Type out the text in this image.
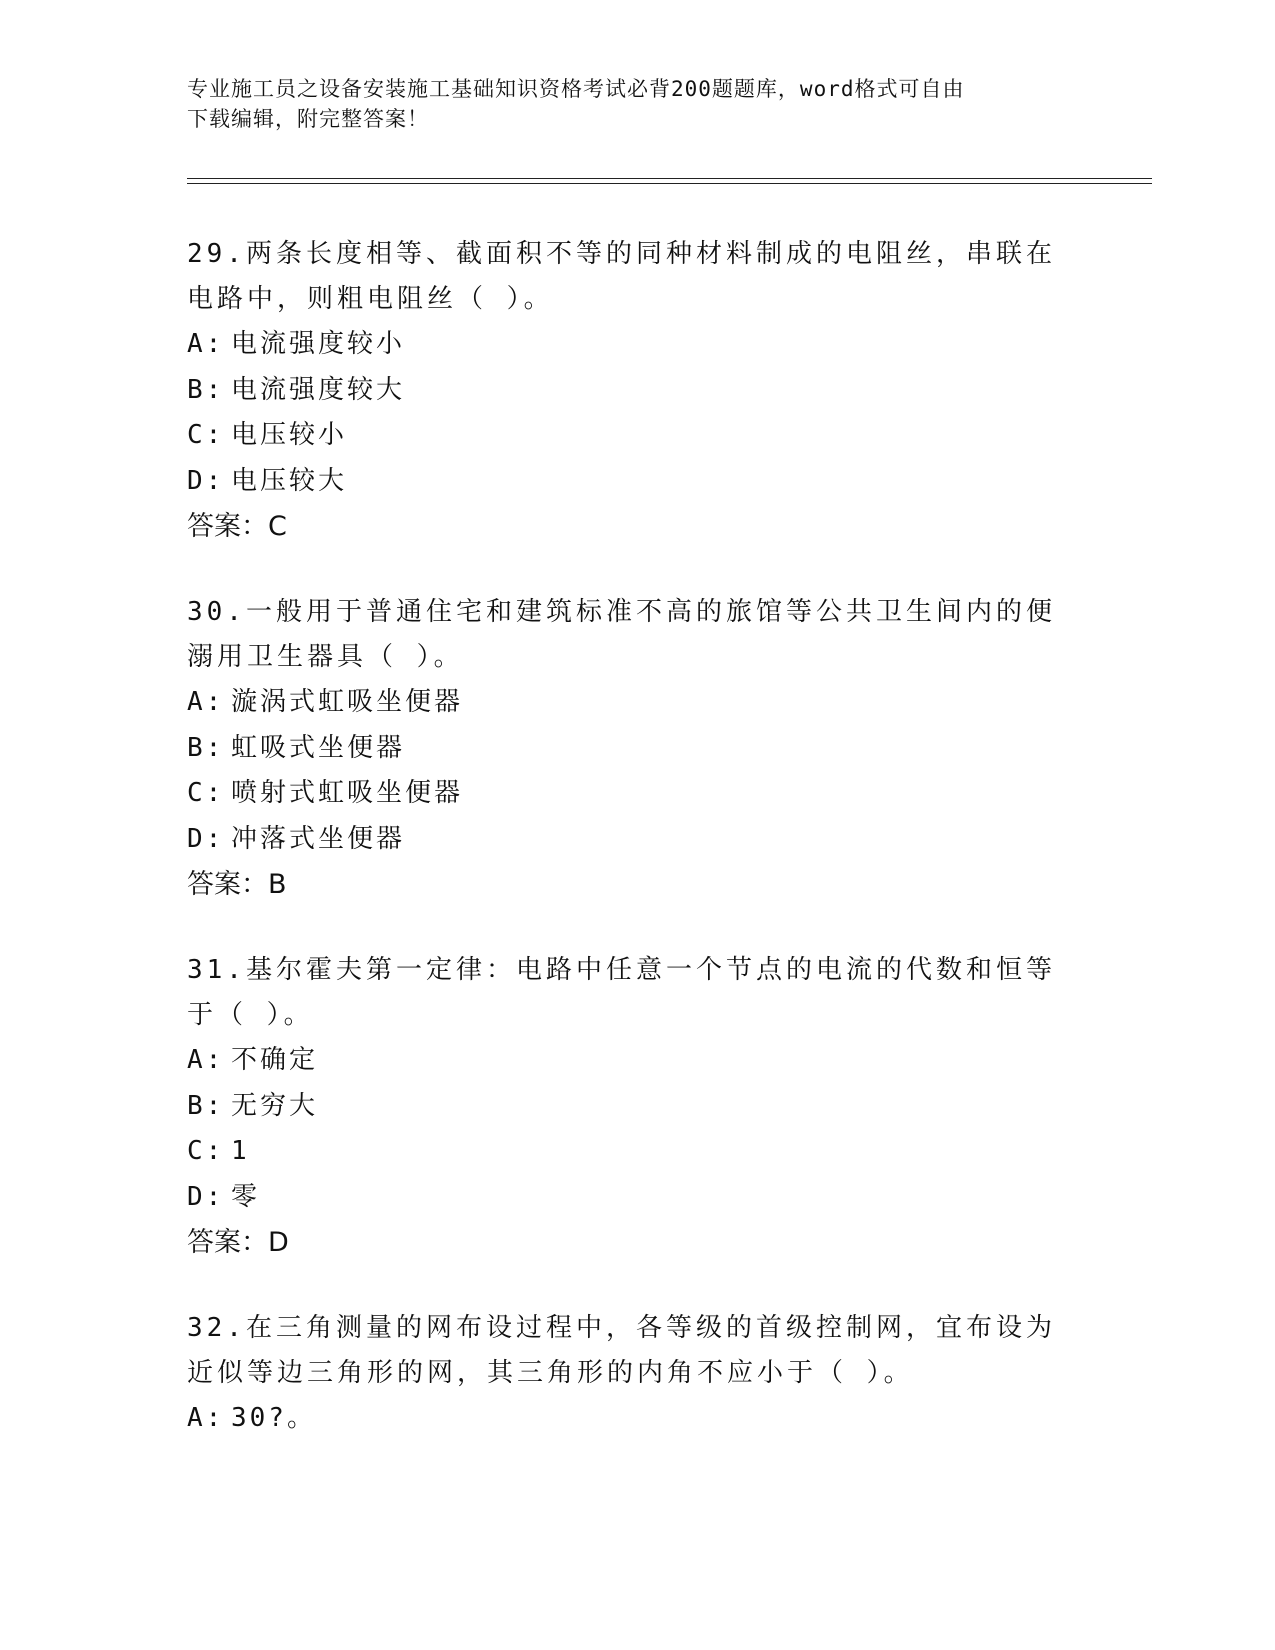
专业施工员之设备安装施工基础知识资格考试必背200题题库，word格式可自由
下载编辑，附完整答案！

29.两条长度相等、截面积不等的同种材料制成的电阻丝，串联在电路中，则粗电阻丝（ ）。

A: 电流强度较小

B: 电流强度较大

C: 电压较小

D: 电压较大

答案：C

30.一般用于普通住宅和建筑标准不高的旅馆等公共卫生间内的便溺用卫生器具（ ）。

A: 漩涡式虹吸坐便器

B: 虹吸式坐便器

C: 喷射式虹吸坐便器

D: 冲落式坐便器

答案：B

31.基尔霍夫第一定律：电路中任意一个节点的电流的代数和恒等于（ ）。

A: 不确定

B: 无穷大

C: 1

D: 零

答案：D

32.在三角测量的网布设过程中，各等级的首级控制网，宜布设为近似等边三角形的网，其三角形的内角不应小于（ ）。

A: 30?。
